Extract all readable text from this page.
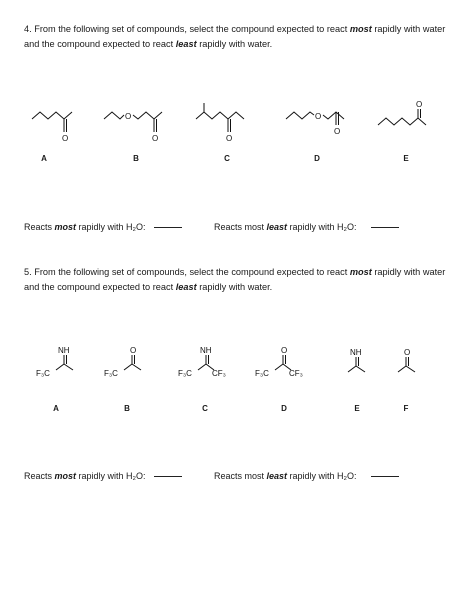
4. From the following set of compounds, select the compound expected to react most rapidly with water and the compound expected to react least rapidly with water.
O
O
O	O
O
O
O
A	B	C	D	E
Reacts most rapidly with H₂O:	Reacts most least rapidly with H₂O:
5. From the following set of compounds, select the compound expected to react most rapidly with water and the compound expected to react least rapidly with water.
NH
F₃C
O
F₃C
NH
F₃C	CF₃
O
F₃C	CF₃
NH	O
A	B	C	D	E	F
Reacts most rapidly with H₂O:	Reacts most least rapidly with H₂O:
